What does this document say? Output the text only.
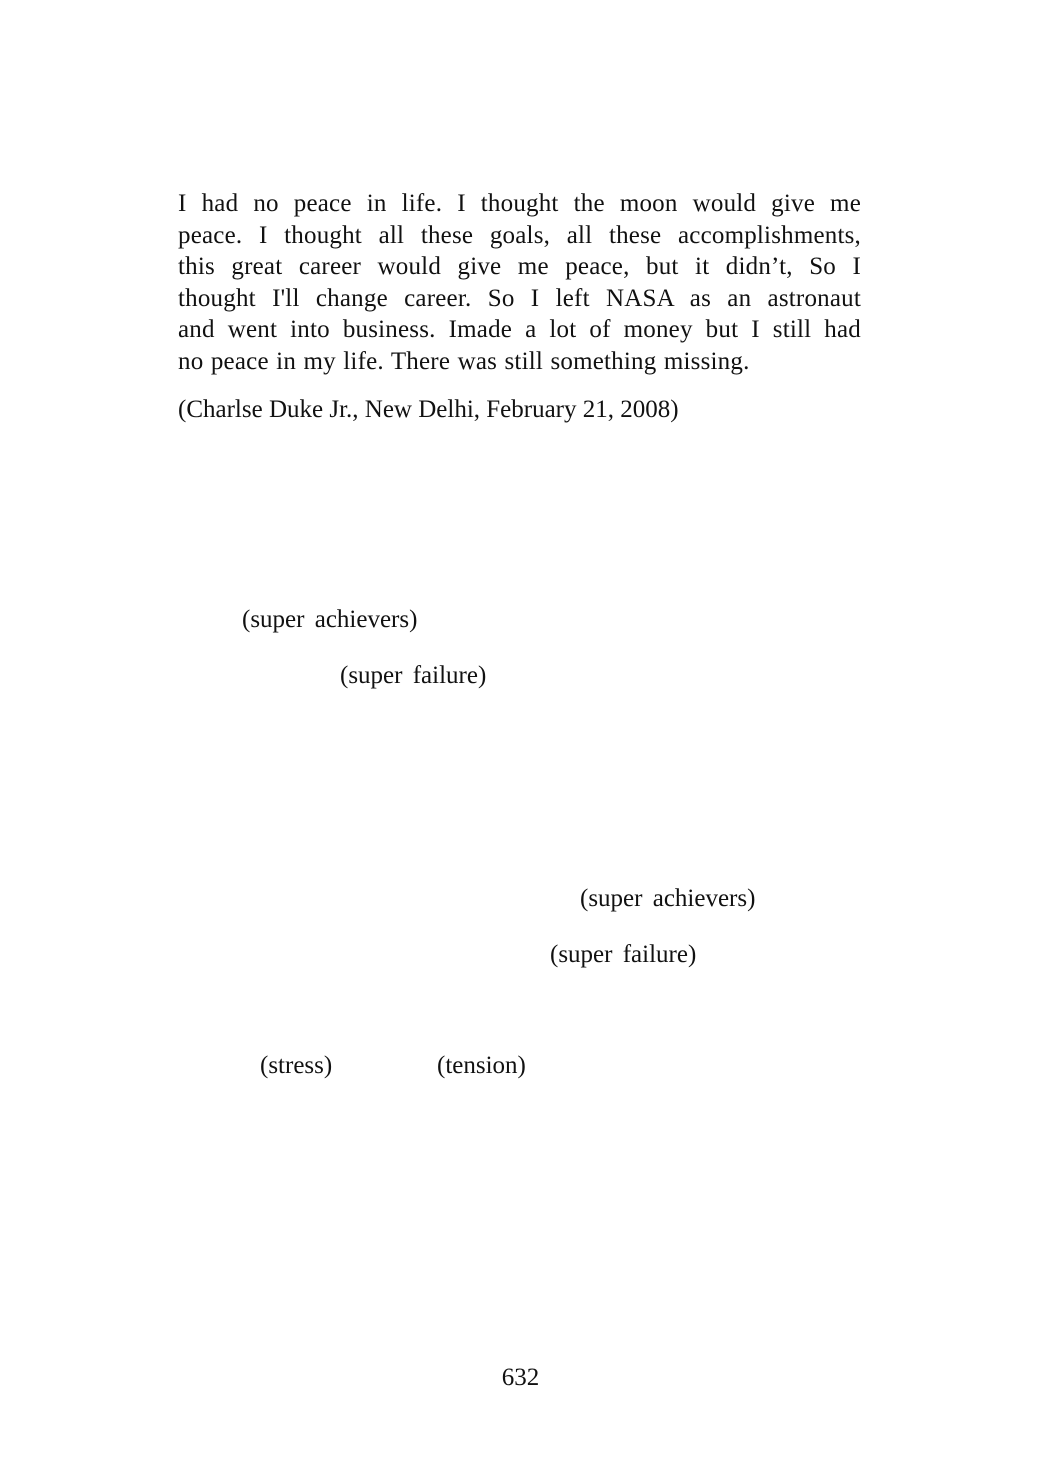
I had no peace in life. I thought the moon would give me
peace. I thought all these goals, all these accomplishments,
this great career would give me peace, but it didn’t, So I
thought I'll change career. So I left NASA as an astronaut
and went into business. Imade a lot of money but I still had
no peace in my life. There was still something missing.
(Charlse Duke Jr., New Delhi, February 21, 2008)
(super achievers)
(super failure)
(super achievers)
(super failure)
(stress)	(tension)
632
